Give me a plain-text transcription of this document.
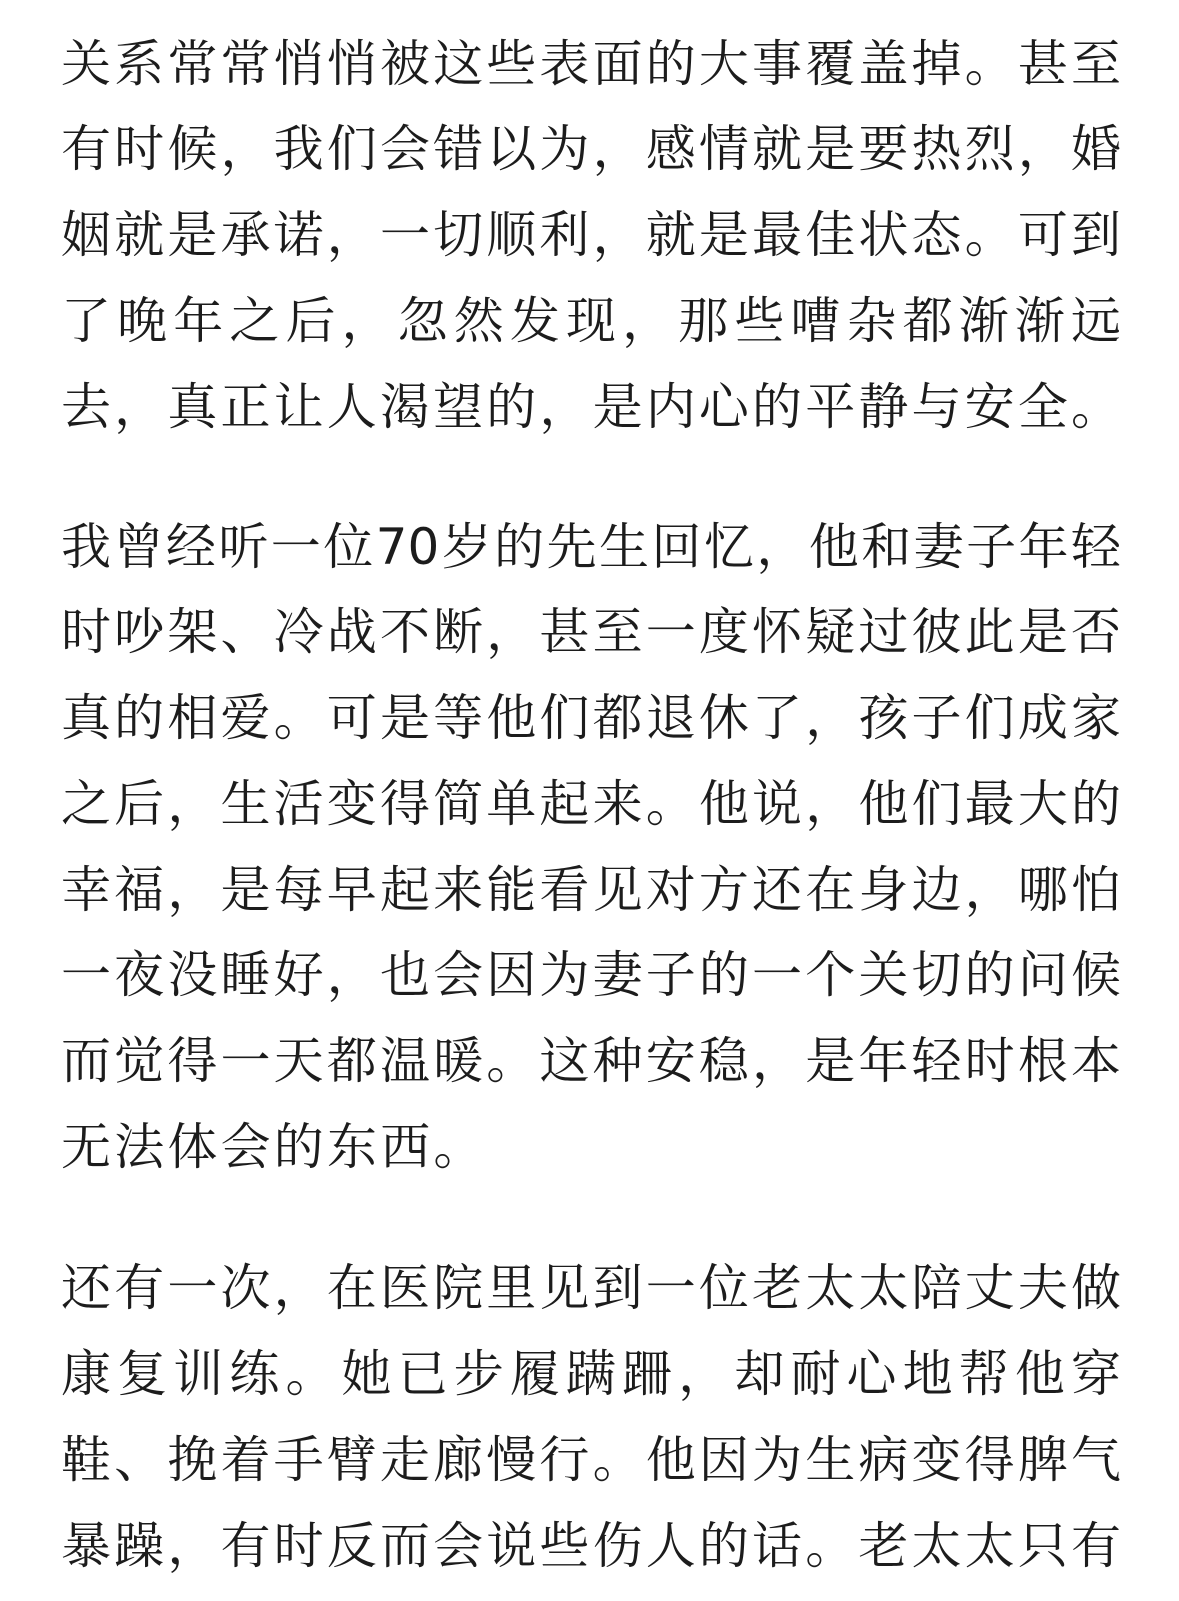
关系常常悄悄被这些表面的大事覆盖掉。甚至

有时候，我们会错以为，感情就是要热烈，婚

姻就是承诺，一切顺利，就是最佳状态。可到

了晚年之后，忽然发现，那些嘈杂都渐渐远

去，真正让人渴望的，是内心的平静与安全。

我曾经听一位70岁的先生回忆，他和妻子年轻

时吵架、冷战不断，甚至一度怀疑过彼此是否

真的相爱。可是等他们都退休了，孩子们成家

之后，生活变得简单起来。他说，他们最大的

幸福，是每早起来能看见对方还在身边，哪怕

一夜没睡好，也会因为妻子的一个关切的问候

而觉得一天都温暖。这种安稳，是年轻时根本

无法体会的东西。

还有一次，在医院里见到一位老太太陪丈夫做

康复训练。她已步履蹒跚，却耐心地帮他穿

鞋、挽着手臂走廊慢行。他因为生病变得脾气

暴躁，有时反而会说些伤人的话。老太太只有
